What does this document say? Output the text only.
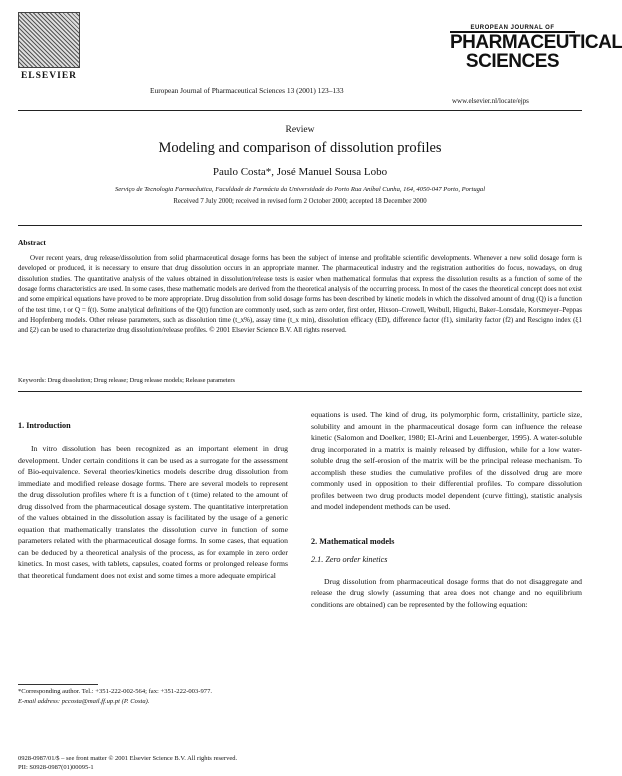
ELSEVIER
European Journal of Pharmaceutical Sciences 13 (2001) 123–133
EUROPEAN JOURNAL OF
PHARMACEUTICAL
SCIENCES
www.elsevier.nl/locate/ejps
Review
Modeling and comparison of dissolution profiles
Paulo Costa*, José Manuel Sousa Lobo
Serviço de Tecnologia Farmacêutica, Faculdade de Farmácia da Universidade do Porto Rua Aníbal Cunha, 164, 4050-047 Porto, Portugal
Received 7 July 2000; received in revised form 2 October 2000; accepted 18 December 2000
Abstract

Over recent years, drug release/dissolution from solid pharmaceutical dosage forms has been the subject of intense and profitable scientific developments. Whenever a new solid dosage form is developed or produced, it is necessary to ensure that drug dissolution occurs in an appropriate manner. The pharmaceutical industry and the registration authorities do focus, nowadays, on drug dissolution studies. The quantitative analysis of the values obtained in dissolution/release tests is easier when mathematical formulas that express the dissolution results as a function of some of the dosage forms characteristics are used. In some cases, these mathematic models are derived from the theoretical analysis of the occurring process. In most of the cases the theoretical concept does not exist and some empirical equations have proved to be more appropriate. Drug dissolution from solid dosage forms has been described by kinetic models in which the dissolved amount of drug (Q) is a function of the test time, t or Q = f(t). Some analytical definitions of the Q(t) function are commonly used, such as zero order, first order, Hixson–Crowell, Weibull, Higuchi, Baker–Lonsdale, Korsmeyer–Peppas and Hopfenberg models. Other release parameters, such as dissolution time (t_x%), assay time (t_x min), dissolution efficacy (ED), difference factor (f1), similarity factor (f2) and Rescigno index (ξ1 and ξ2) can be used to characterize drug dissolution/release profiles. © 2001 Elsevier Science B.V. All rights reserved.

Keywords: Drug dissolution; Drug release; Drug release models; Release parameters

1. Introduction

In vitro dissolution has been recognized as an important element in drug development. Under certain conditions it can be used as a surrogate for the assessment of Bio-equivalence. Several theories/kinetics models describe drug dissolution from immediate and modified release dosage forms. There are several models to represent the drug dissolution profiles where ft is a function of t (time) related to the amount of drug dissolved from the pharmaceutical dosage system. The quantitative interpretation of the values obtained in the dissolution assay is facilitated by the usage of a generic equation that mathematically translates the dissolution curve in function of some parameters related with the pharmaceutical dosage forms. In some cases, that equation can be deduced by a theoretical analysis of the process, as for example in zero order kinetics. In most cases, with tablets, capsules, coated forms or prolonged release forms that theoretical fundament does not exist and some times a more adequate empirical

equations is used. The kind of drug, its polymorphic form, cristallinity, particle size, solubility and amount in the pharmaceutical dosage form can influence the release kinetic (Salomon and Doelker, 1980; El-Arini and Leuenberger, 1995). A water-soluble drug incorporated in a matrix is mainly released by diffusion, while for a low water-soluble drug the self-erosion of the matrix will be the principal release mechanism. To accomplish these studies the cumulative profiles of the dissolved drug are more commonly used in opposition to their differential profiles. To compare dissolution profiles between two drug products model dependent (curve fitting), statistic analysis and model independent methods can be used.

2. Mathematical models

2.1. Zero order kinetics

Drug dissolution from pharmaceutical dosage forms that do not disaggregate and release the drug slowly (assuming that area does not change and no equilibrium conditions are obtained) can be represented by the following equation:

*Corresponding author. Tel.: +351-222-002-564; fax: +351-222-003-977.
E-mail address: pccosta@mail.ff.up.pt (P. Costa).
0928-0987/01/$ – see front matter © 2001 Elsevier Science B.V. All rights reserved.
PII: S0928-0987(01)00095-1
